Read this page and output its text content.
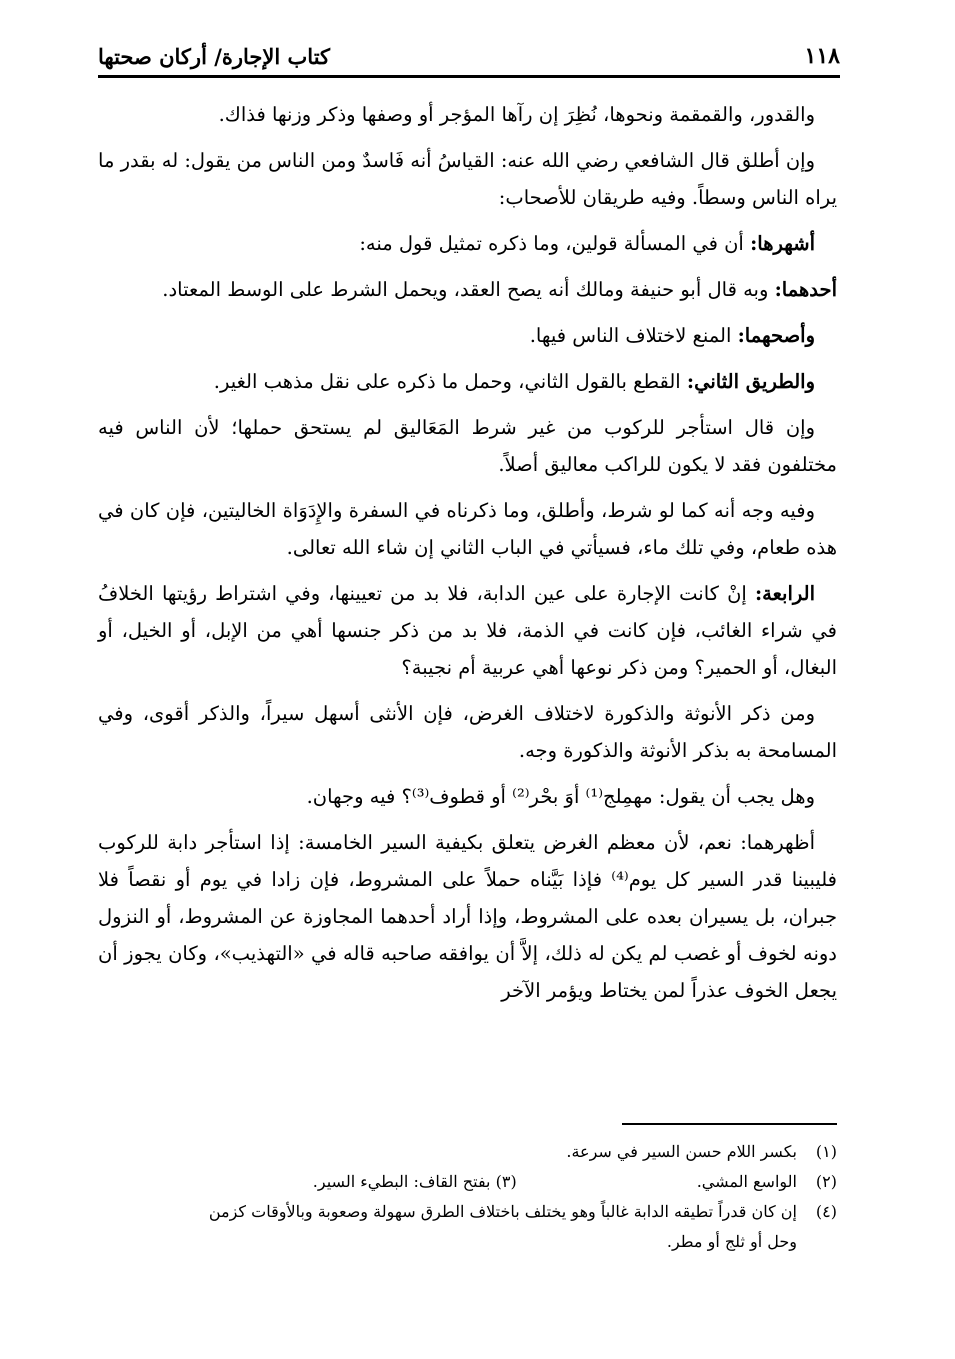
١١٨
كتاب الإجارة/ أركان صحتها

والقدور، والقمقمة ونحوها، نُظِرَ إن رآها المؤجر أو وصفها وذكر وزنها فذاك.

وإن أطلق قال الشافعي رضي الله عنه: القياسُ أنه فَاسدٌ ومن الناس من يقول: له بقدر ما يراه الناس وسطاً. وفيه طريقان للأصحاب:

أشهرها: أن في المسألة قولين، وما ذكره تمثيل قول منه:

أحدهما: وبه قال أبو حنيفة ومالك أنه يصح العقد، ويحمل الشرط على الوسط المعتاد.

وأصحهما: المنع لاختلاف الناس فيها.

والطريق الثاني: القطع بالقول الثاني، وحمل ما ذكره على نقل مذهب الغير.

وإن قال استأجر للركوب من غير شرط المَعَاليق لم يستحق حملها؛ لأن الناس فيه مختلفون فقد لا يكون للراكب معاليق أصلاً.

وفيه وجه أنه كما لو شرط، وأطلق، وما ذكرناه في السفرة والإِدَوَاة الخاليتين، فإن كان في هذه طعام، وفي تلك ماء، فسيأتي في الباب الثاني إن شاء الله تعالى.

الرابعة: إنْ كانت الإجارة على عين الدابة، فلا بد من تعيينها، وفي اشتراط رؤيتها الخلافُ في شراء الغائب، فإن كانت في الذمة، فلا بد من ذكر جنسها أهي من الإبل، أو الخيل، أو البغال، أو الحمير؟ ومن ذكر نوعها أهي عربية أم نجيبة؟

ومن ذكر الأنوثة والذكورة لاختلاف الغرض، فإن الأنثى أسهل سيراً، والذكر أقوى، وفي المسامحة به بذكر الأنوثة والذكورة وجه.

وهل يجب أن يقول: مهمِلج⁽¹⁾ أوَ بحْر⁽²⁾ أو قطوف⁽³⁾؟ فيه وجهان.

أظهرهما: نعم، لأن معظم الغرض يتعلق بكيفية السير الخامسة: إذا استأجر دابة للركوب فليبينا قدر السير كل يوم⁽⁴⁾ فإذا بَيَّناه حملاً على المشروط، فإن زادا في يوم أو نقصاً فلا جبران، بل يسيران بعده على المشروط، وإذا أراد أحدهما المجاوزة عن المشروط، أو النزول دونه لخوف أو غصب لم يكن له ذلك، إلاَّ أن يوافقه صاحبه قاله في «التهذيب»، وكان يجوز أن يجعل الخوف عذراً لمن يختاط ويؤمر الآخر

(١)
بكسر اللام حسن السير في سرعة.
(٢)
الواسع المشي.
(٣)

بفتح القاف: البطيء السير.
(٤)
إن كان قدراً تطيقه الدابة غالباً وهو يختلف باختلاف الطرق سهولة وصعوبة وبالأوقات كزمن
وحل أو ثلج أو مطر.
